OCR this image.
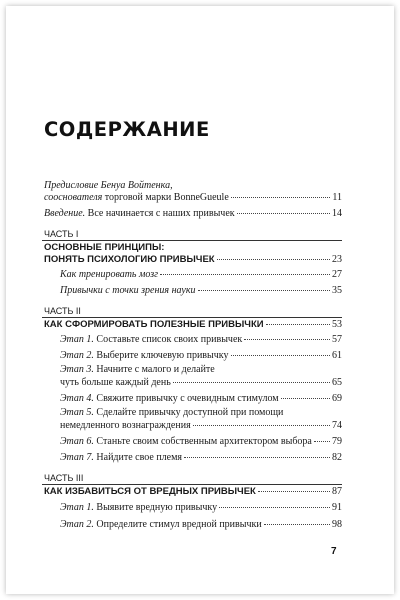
СОДЕРЖАНИЕ
Предисловие Бенуа Войтенка,
сооснователя торговой марки BonneGueule	11
Введение. Все начинается с наших привычек	14
ЧАСТЬ I
ОСНОВНЫЕ ПРИНЦИПЫ:
ПОНЯТЬ ПСИХОЛОГИЮ ПРИВЫЧЕК	23
Как тренировать мозг	27
Привычки с точки зрения науки	35
ЧАСТЬ II
КАК СФОРМИРОВАТЬ ПОЛЕЗНЫЕ ПРИВЫЧКИ	53
Этап 1. Составьте список своих привычек	57
Этап 2. Выберите ключевую привычку	61
Этап 3. Начните с малого и делайте
чуть больше каждый день	65
Этап 4. Свяжите привычку с очевидным стимулом	69
Этап 5. Сделайте привычку доступной при помощи
немедленного вознаграждения	74
Этап 6. Станьте своим собственным архитектором выбора 79
Этап 7. Найдите свое племя	82
ЧАСТЬ III
КАК ИЗБАВИТЬСЯ ОТ ВРЕДНЫХ ПРИВЫЧЕК	87
Этап 1. Выявите вредную привычку	91
Этап 2. Определите стимул вредной привычки	98
7
